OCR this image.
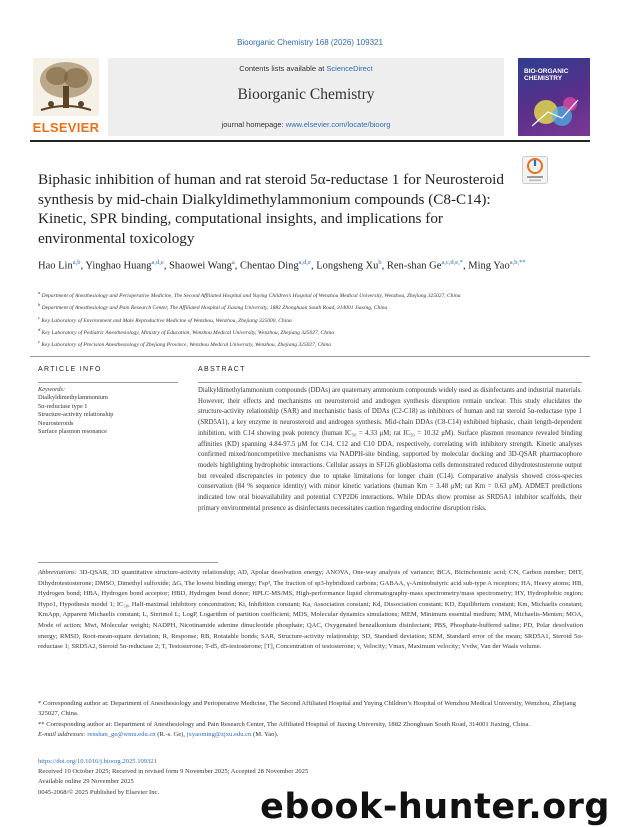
Bioorganic Chemistry 168 (2026) 109321
ELSEVIER
Contents lists available at ScienceDirect
Bioorganic Chemistry
journal homepage: www.elsevier.com/locate/bioorg
BIO-ORGANIC CHEMISTRY
Biphasic inhibition of human and rat steroid 5α-reductase 1 for Neurosteroid synthesis by mid-chain Dialkyldimethylammonium compounds (C8-C14): Kinetic, SPR binding, computational insights, and implications for environmental toxicology
Hao Lin$^{a,b}$, Yinghao Huang$^{a,d,e}$, Shaowei Wang$^a$, Chentao Ding$^{a,d,e}$, Longsheng Xu$^b$, Ren-shan $Ge^{a,c,d,e,*}$, Ming Yao$^{a,b,**}$

$^a$ Department of Anesthesiology and Perioperative Medicine, The Second Affiliated Hospital and Yuying Children’s Hospital of Wenzhou Medical University, Wenzhou, Zhejiang 325027, China

$^b$ Department of Anesthesiology and Pain Research Center, The Affiliated Hospital of Jiaxing University, 1882 Zhonghuan South Road, 314001 Jiaxing, China

$^c$ Key Laboratory of Environment and Male Reproductive Medicine of Wenzhou, Wenzhou, Zhejiang 325000, China

$^d$ Key Laboratory of Pediatric Anesthesiology, Ministry of Education, Wenzhou Medical University, Wenzhou, Zhejiang 325027, China

$^e$ Key Laboratory of Precision Anesthesiology of Zhejiang Province, Wenzhou Medical University, Wenzhou, Zhejiang 325027, China

ARTICLE INFO
Keywords:
Dialkyldimethylammonium
5α-reductase type 1
Structure-activity relationship
Neurosteroids
Surface plasmon resonance
ABSTRACT
Dialkyldimethylammonium compounds (DDAs) are quaternary ammonium compounds widely used as disinfectants and industrial materials. However, their effects and mechanisms on neurosteroid and androgen synthesis disruption remain unclear. This study elucidates the structure-activity relationship (SAR) and mechanistic basis of DDAs (C2-C18) as inhibitors of human and rat steroid 5α-reductase type 1 (SRD5A1), a key enzyme in neurosteroid and androgen synthesis. Mid-chain DDAs (C8-C14) exhibited biphasic, chain length-dependent inhibition, with C14 showing peak potency (human IC₅₀ = 4.33 μM; rat IC₅₀ = 10.32 μM). Surface plasmon resonance revealed binding affinities (KD) spanning 4.84-97.5 μM for C14, C12 and C10 DDA, respectively, correlating with inhibitory strength. Kinetic analyses confirmed mixed/noncompetitive mechanisms via NADPH-site binding, supported by molecular docking and 3D-QSAR pharmacophore models highlighting hydrophobic interactions. Cellular assays in SF126 glioblastoma cells demonstrated reduced dihydrotestosterone output but revealed discrepancies in potency due to uptake limitations for longer chain (C14). Comparative analysis showed cross-species conservation (84 % sequence identity) with minor kinetic variations (human Km = 3.48 μM; rat Km = 0.63 μM). ADMET predictions indicated low oral bioavailability and potential CYP2D6 interactions. While DDAs show promise as SRD5A1 inhibitor scaffolds, their primary environmental presence as disinfectants necessitates caution regarding endocrine disruption risks.
Abbreviations: 3D-QSAR, 3D quantitative structure-activity relationship; AD, Apolar desolvation energy; ANOVA, One-way analysis of variance; BCA, Bicinchoninic acid; CN, Carbon number; DHT, Dihydrotestosterone; DMSO, Dimethyl sulfoxide; ΔG, The lowest binding energy; Fsp³, The fraction of sp3-hybridized carbons; GABAA, γ-Aminobutyric acid sub-type A receptors; HA, Heavy atoms; HB, Hydrogen bond; HBA, Hydrogen bond acceptor; HBD, Hydrogen bond donor; HPLC-MS/MS, High-performance liquid chromatography-mass spectrometry/mass spectrometry; HY, Hydrophobic region; Hypo1, Hypothesis model 1; IC₅₀, Half-maximal inhibitory concentration; Ki, Inhibition constant; Ka, Association constant; Kd, Dissociation constant; KD, Equilibrium constant; Km, Michaelis constant; KmApp, Apparent Michaelis constant; L, Sterimol L; LogP, Logarithm of partition coefficient; MDS, Molecular dynamics simulations; MEM, Minimum essential medium; MM, Michaelis-Menten; MOA, Mode of action; Mwt, Molecular weight; NADPH, Nicotinamide adenine dinucleotide phosphate; QAC, Oxygenated benzalkonium disinfectant; PBS, Phosphate-buffered saline; PD, Polar desolvation energy; RMSD, Root-mean-square deviation; R, Response; RB, Rotatable bonds; SAR, Structure-activity relationship; SD, Standard deviation; SEM, Standard error of the mean; SRD5A1, Steroid 5α-reductase 1; SRD5A2, Steroid 5α-reductase 2; T, Testosterone; T-d5, d5-testosterone; [T], Concentration of testosterone; v, Velocity; Vmax, Maximum velocity; Vvdw, Van der Waals volume.

* Corresponding author at: Department of Anesthesiology and Perioperative Medicine, The Second Affiliated Hospital and Yuying Children’s Hospital of Wenzhou Medical University, Wenzhou, Zhejiang 325027, China.

** Corresponding author at: Department of Anesthesiology and Pain Research Center, The Affiliated Hospital of Jiaxing University, 1882 Zhonghuan South Road, 314001 Jiaxing, China.

E-mail addresses: renshan_ge@wmu.edu.cn (R.-s. Ge), jxyaoming@zjxu.edu.cn (M. Yao).

https://doi.org/10.1016/j.bioorg.2025.109321

Received 10 October 2025; Received in revised form 9 November 2025; Accepted 28 November 2025

Available online 29 November 2025

0045-2068/© 2025 Published by Elsevier Inc.	ebook-hunter.org
